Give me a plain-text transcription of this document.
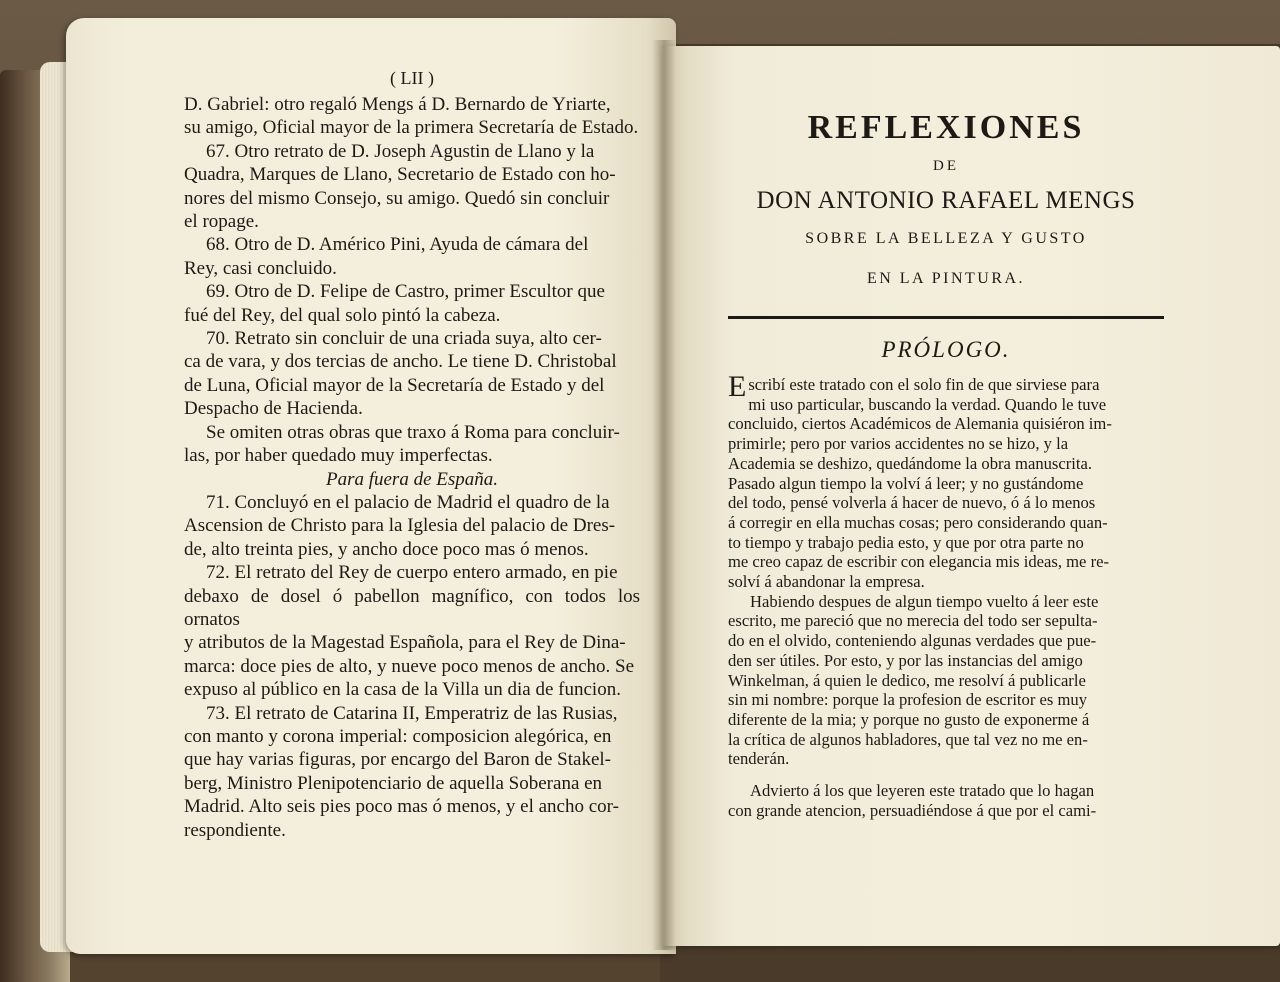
( LII )

D. Gabriel: otro regaló Mengs á D. Bernardo de Yriarte,

su amigo, Oficial mayor de la primera Secretaría de Estado.

67. Otro retrato de D. Joseph Agustin de Llano y la

Quadra, Marques de Llano, Secretario de Estado con ho-

nores del mismo Consejo, su amigo. Quedó sin concluir

el ropage.

68. Otro de D. Américo Pini, Ayuda de cámara del

Rey, casi concluido.

69. Otro de D. Felipe de Castro, primer Escultor que

fué del Rey, del qual solo pintó la cabeza.

70. Retrato sin concluir de una criada suya, alto cer-

ca de vara, y dos tercias de ancho. Le tiene D. Christobal

de Luna, Oficial mayor de la Secretaría de Estado y del

Despacho de Hacienda.

Se omiten otras obras que traxo á Roma para concluir-

las, por haber quedado muy imperfectas.

Para fuera de España.

71. Concluyó en el palacio de Madrid el quadro de la

Ascension de Christo para la Iglesia del palacio de Dres-

de, alto treinta pies, y ancho doce poco mas ó menos.

72. El retrato del Rey de cuerpo entero armado, en pie

debaxo de dosel ó pabellon magnífico, con todos los ornatos

y atributos de la Magestad Española, para el Rey de Dina-

marca: doce pies de alto, y nueve poco menos de ancho. Se

expuso al público en la casa de la Villa un dia de funcion.

73. El retrato de Catarina II, Emperatriz de las Rusias,

con manto y corona imperial: composicion alegórica, en

que hay varias figuras, por encargo del Baron de Stakel-

berg, Ministro Plenipotenciario de aquella Soberana en

Madrid. Alto seis pies poco mas ó menos, y el ancho cor-

respondiente.

REFLEXIONES

DE

DON ANTONIO RAFAEL MENGS

SOBRE LA BELLEZA Y GUSTO

EN LA PINTURA.

PRÓLOGO.

Escribí este tratado con el solo fin de que sirviese para

mi uso particular, buscando la verdad. Quando le tuve

concluido, ciertos Académicos de Alemania quisiéron im-

primirle; pero por varios accidentes no se hizo, y la

Academia se deshizo, quedándome la obra manuscrita.

Pasado algun tiempo la volví á leer; y no gustándome

del todo, pensé volverla á hacer de nuevo, ó á lo menos

á corregir en ella muchas cosas; pero considerando quan-

to tiempo y trabajo pedia esto, y que por otra parte no

me creo capaz de escribir con elegancia mis ideas, me re-

solví á abandonar la empresa.

Habiendo despues de algun tiempo vuelto á leer este

escrito, me pareció que no merecia del todo ser sepulta-

do en el olvido, conteniendo algunas verdades que pue-

den ser útiles. Por esto, y por las instancias del amigo

Winkelman, á quien le dedico, me resolví á publicarle

sin mi nombre: porque la profesion de escritor es muy

diferente de la mia; y porque no gusto de exponerme á

la crítica de algunos habladores, que tal vez no me en-

tenderán.

Advierto á los que leyeren este tratado que lo hagan

con grande atencion, persuadiéndose á que por el cami-
